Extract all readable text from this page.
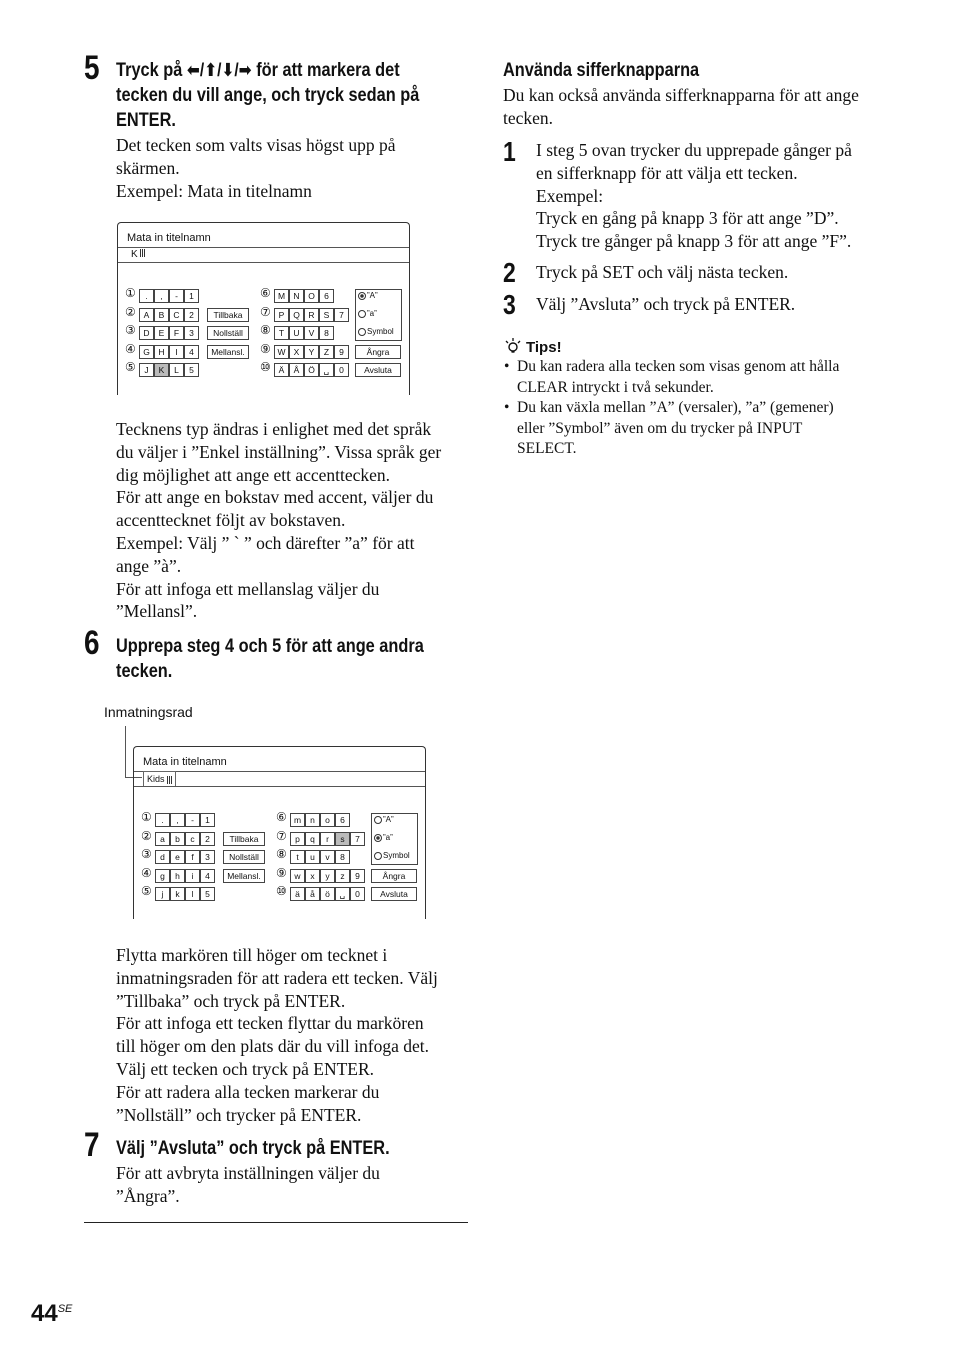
5 Tryck på ⬅/⬆/⬇/➡ för att markera det
tecken du vill ange, och tryck sedan på
ENTER.
Det tecken som valts visas högst upp på
skärmen.
Exempel: Mata in titelnamn
Mata in titelnamn
K
①	.	,	-	1
② A	B	C	2
③ D	E	F	3
④ G	H	I	4
⑤	J	K	L	5
Tillbaka
Nollställ
Mellansl.
⑥ M N	O	6
⑦ P	Q	R	S	7
⑧ T	U	V	8
⑨ W X	Y	Z	9
⑩ Ä	Å	Ö	␣	0
”A”
”a”
Symbol
Ångra
Avsluta
Tecknens typ ändras i enlighet med det språk
du väljer i ”Enkel inställning”. Vissa språk ger
dig möjlighet att ange ett accenttecken.
För att ange en bokstav med accent, väljer du
accenttecknet följt av bokstaven.
Exempel: Välj ” ` ” och därefter ”a” för att
ange ”à”.
För att infoga ett mellanslag väljer du
”Mellansl”.
6 Upprepa steg 4 och 5 för att ange andra
tecken.
Inmatningsrad
Mata in titelnamn
Kids
①	.	,	-	1
② a	b	c	2
③ d	e	f	3
④ g	h	i	4
⑤	j	k	l	5
Tillbaka
Nollställ
Mellansl.
⑥ m	n	o	6
⑦ p	q	r	s	7
⑧	t	u	v	8
⑨ w	x	y	z	9
⑩ ä	å	ö	␣	0
”A”
”a”
Symbol
Ångra
Avsluta
Flytta markören till höger om tecknet i
inmatningsraden för att radera ett tecken. Välj
”Tillbaka” och tryck på ENTER.
För att infoga ett tecken flyttar du markören
till höger om den plats där du vill infoga det.
Välj ett tecken och tryck på ENTER.
För att radera alla tecken markerar du
”Nollställ” och trycker på ENTER.
7 Välj ”Avsluta” och tryck på ENTER.
För att avbryta inställningen väljer du
”Ångra”.
Använda sifferknapparna
Du kan också använda sifferknapparna för att ange
tecken.
1 I steg 5 ovan trycker du upprepade gånger på
en sifferknapp för att välja ett tecken.
Exempel:
Tryck en gång på knapp 3 för att ange ”D”.
Tryck tre gånger på knapp 3 för att ange ”F”.
2 Tryck på SET och välj nästa tecken.
3 Välj ”Avsluta” och tryck på ENTER.
Tips!
• Du kan radera alla tecken som visas genom att hålla
CLEAR intryckt i två sekunder.
• Du kan växla mellan ”A” (versaler), ”a” (gemener)
eller ”Symbol” även om du trycker på INPUT
SELECT.
$44^{SE}$
